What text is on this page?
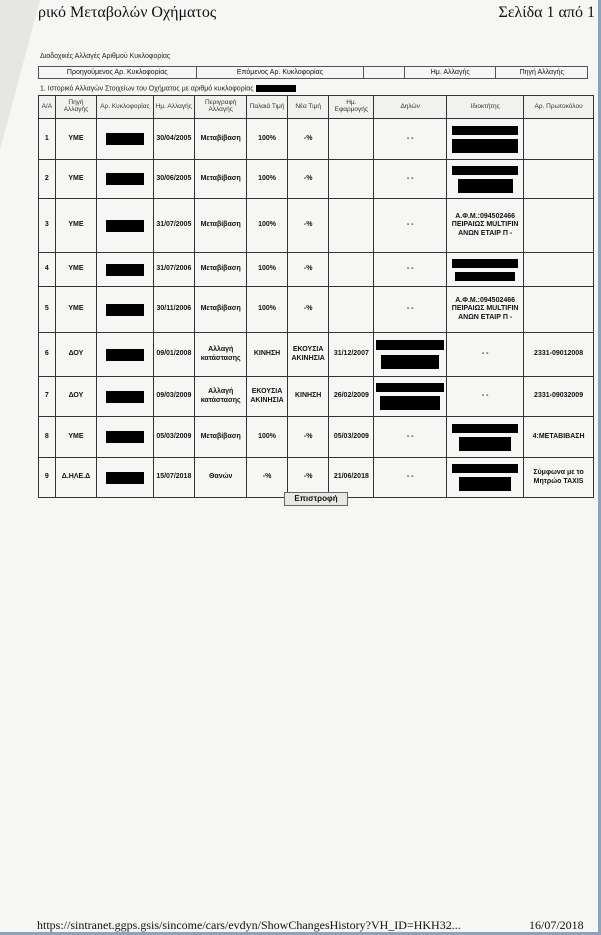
ρικό Μεταβολών Οχήματος	Σελίδα 1 από 1
Διαδοχικές Αλλαγές Αριθμού Κυκλοφορίας
Προηγούμενος Αρ. Κυκλοφορίας	Επόμενος Αρ. Κυκλοφορίας		Ημ. Αλλαγής	Πηγή Αλλαγής
1. Ιστορικό Αλλαγών Στοιχείων του Οχήματος με αριθμό κυκλοφορίας
Α/Α	Πηγή Αλλαγής	Αρ. Κυκλοφορίας	Ημ. Αλλαγής	Περιγραφή Αλλαγής	Παλαιά Τιμή	Νέα Τιμή	Ημ. Εφαρμογής	Δηλών	Ιδιοκτήτης	Αρ. Πρωτοκόλου
1	ΥΜΕ		30/04/2005	Μεταβίβαση	100%	-%		- -	

2	ΥΜΕ		30/06/2005	Μεταβίβαση	100%	-%		- -	

3	ΥΜΕ		31/07/2005	Μεταβίβαση	100%	-%		- -	Α.Φ.Μ.:094502466 ΠΕΙΡΑΙΩΣ MULTIFIN ΑΝΩΝ ΕΤΑΙΡ Π -	
4	ΥΜΕ		31/07/2006	Μεταβίβαση	100%	-%		- -	

5	ΥΜΕ		30/11/2006	Μεταβίβαση	100%	-%		- -	Α.Φ.Μ.:094502466 ΠΕΙΡΑΙΩΣ MULTIFIN ΑΝΩΝ ΕΤΑΙΡ Π -	
6	ΔΟΥ		09/01/2008	Αλλαγή κατάστασης	ΚΙΝΗΣΗ	ΕΚΟΥΣΙΑ ΑΚΙΝΗΣΙΑ	31/12/2007		- -	2331-09012008
7	ΔΟΥ		09/03/2009	Αλλαγή κατάστασης	ΕΚΟΥΣΙΑ ΑΚΙΝΗΣΙΑ	ΚΙΝΗΣΗ	26/02/2009		- -	2331-09032009
8	ΥΜΕ		05/03/2009	Μεταβίβαση	100%	-%	05/03/2009	- -		4:ΜΕΤΑΒΙΒΑΣΗ
9	Δ.ΗΛΕ.Δ		15/07/2018	Θανών	-%	-%	21/06/2018	- -		Σύμφωνα με το Μητρώο TAXIS
Επιστροφή
https://sintranet.ggps.gsis/sincome/cars/evdyn/ShowChangesHistory?VH_ID=HKH32...	16/07/2018
